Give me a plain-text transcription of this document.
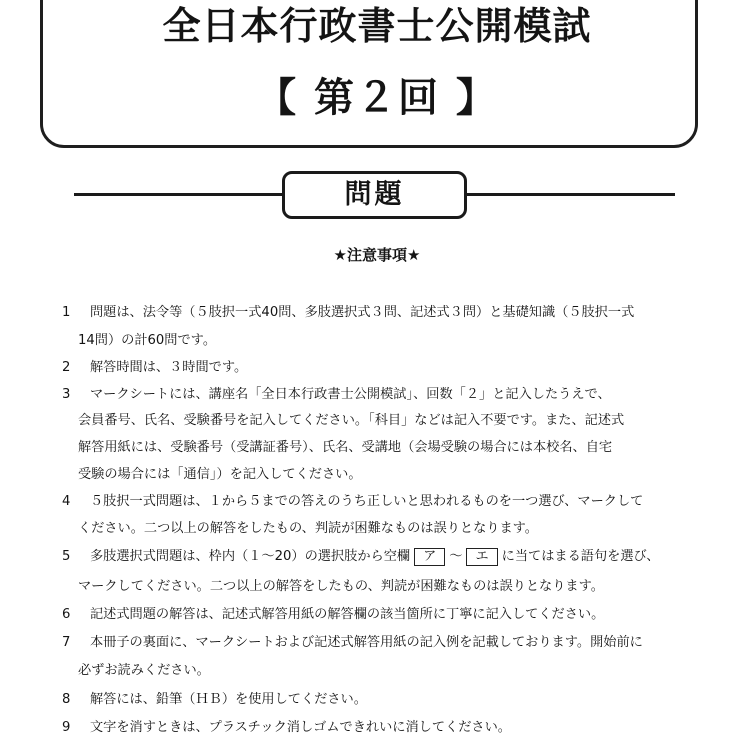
全日本行政書士公開模試
【 第２回 】
問題
★注意事項★
1 問題は、法令等（５肢択一式40問、多肢選択式３問、記述式３問）と基礎知識（５肢択一式
14問）の計60問です。
2 解答時間は、３時間です。
3 マークシートには、講座名「全日本行政書士公開模試」、回数「２」と記入したうえで、
会員番号、氏名、受験番号を記入してください。「科目」などは記入不要です。また、記述式
解答用紙には、受験番号（受講証番号）、氏名、受講地（会場受験の場合には本校名、自宅
受験の場合には「通信」）を記入してください。
4 ５肢択一式問題は、１から５までの答えのうち正しいと思われるものを一つ選び、マークして
ください。二つ以上の解答をしたもの、判読が困難なものは誤りとなります。
5 多肢選択式問題は、枠内（１～20）の選択肢から空欄 ア ～ エ に当てはまる語句を選び、
マークしてください。二つ以上の解答をしたもの、判読が困難なものは誤りとなります。
6 記述式問題の解答は、記述式解答用紙の解答欄の該当箇所に丁寧に記入してください。
7 本冊子の裏面に、マークシートおよび記述式解答用紙の記入例を記載しております。開始前に
必ずお読みください。
8 解答には、鉛筆（ＨＢ）を使用してください。
9 文字を消すときは、プラスチック消しゴムできれいに消してください。
